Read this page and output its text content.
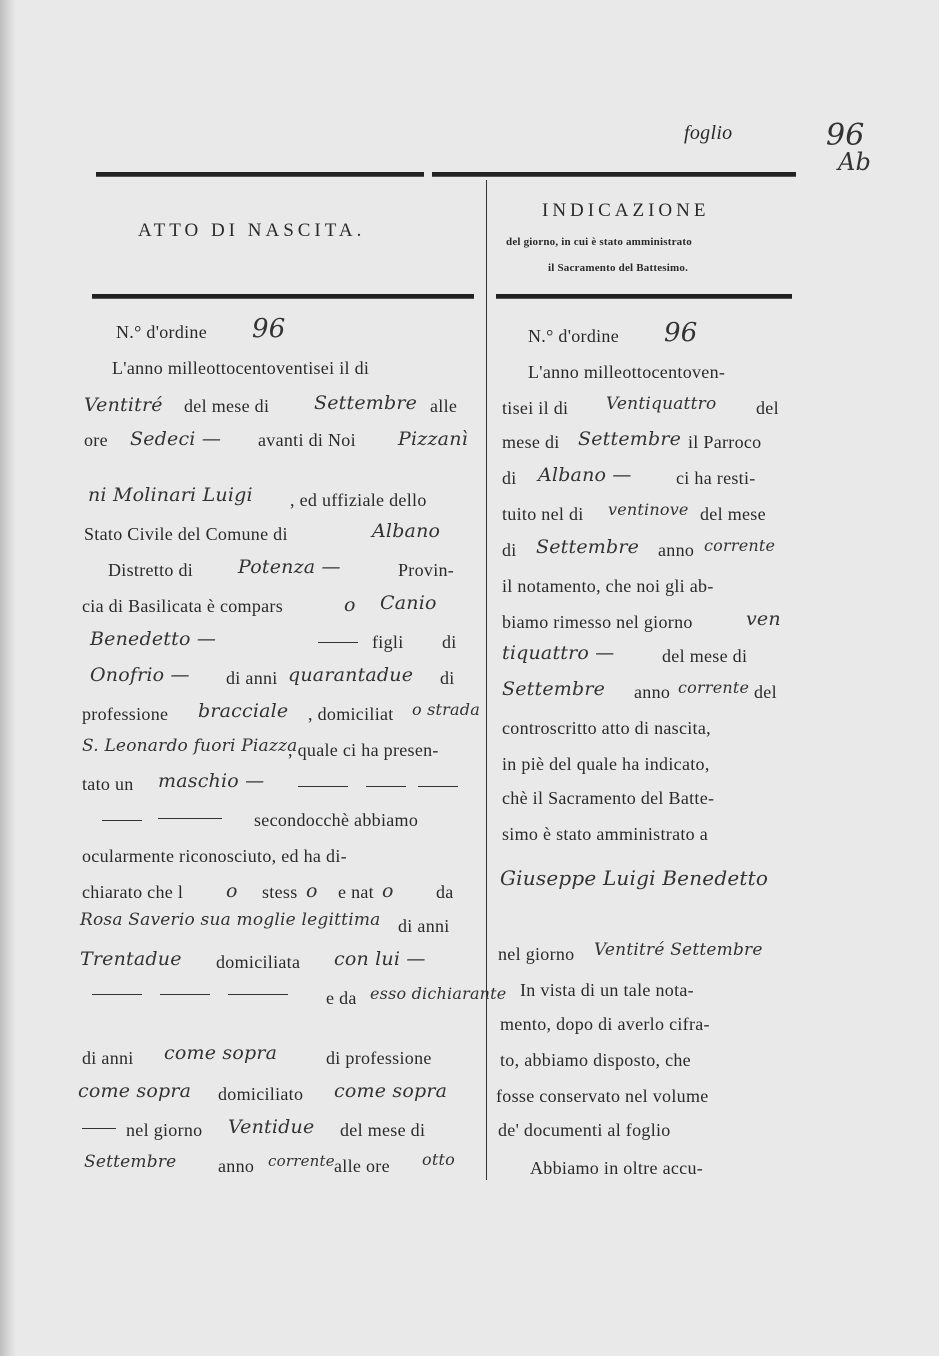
foglio	96
Ab
ATTO DI NASCITA.
INDICAZIONE
del giorno, in cui è stato amministrato
il Sacramento del Battesimo.
N.° d'ordine 96
L'anno milleottocentoventisei il di
Ventitré del mese di Settembre alle
ore Sedeci — avanti di Noi Pizzanì
ni Molinari Luigi , ed uffiziale dello
Stato Civile del Comune di	Albano
Distretto di Potenza —	Provin-
cia di Basilicata è compars	o Canio
Benedetto —	figli di
Onofrio — di anni quarantadue di
professione bracciale , domiciliat o strada
S. Leonardo fuori Piazza
, quale ci ha presen-
tato un maschio —
secondocchè abbiamo
ocularmente riconosciuto, ed ha di-
chiarato che l o stess o e nat o da
Rosa Saverio sua moglie legittima di anni
Trentadue domiciliata con lui —
e da esso dichiarante
di anni come sopra	di professione
come sopra domiciliato come sopra
nel giorno Ventidue del mese di
Settembre anno corrente alle ore otto
N.° d'ordine 96
L'anno milleottocentoven-
tisei il di Ventiquattro del
mese di Settembre il Parroco
di Albano — ci ha resti-
tuito nel di ventinove del mese
di Settembre anno corrente
il notamento, che noi gli ab-
biamo rimesso nel giorno	ven
tiquattro —	del mese di
Settembre anno corrente del
controscritto atto di nascita,
in piè del quale ha indicato,
chè il Sacramento del Batte-
simo è stato amministrato a
Giuseppe Luigi Benedetto
nel giorno Ventitré Settembre
In vista di un tale nota-
mento, dopo di averlo cifra-
to, abbiamo disposto, che
fosse conservato nel volume
de' documenti al foglio
Abbiamo in oltre accu-
